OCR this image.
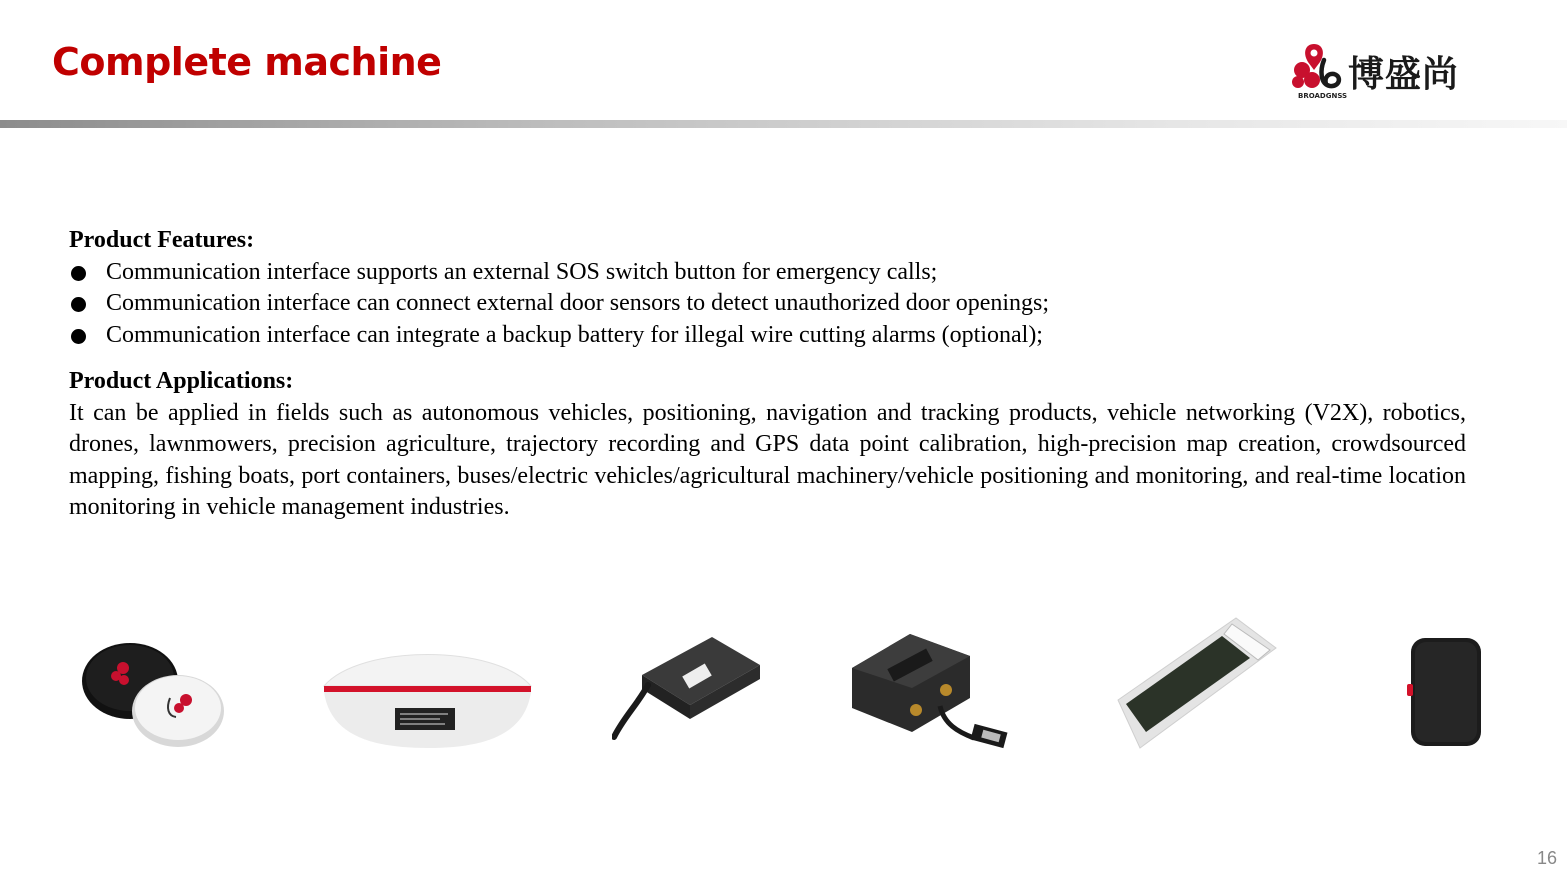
Complete machine	博盛尚
BROADGNSS

Product Features:

Communication interface supports an external SOS switch button for emergency calls;
Communication interface can connect external door sensors to detect unauthorized door openings;
Communication interface can integrate a backup battery for illegal wire cutting alarms (optional);

Product Applications:

It can be applied in fields such as autonomous vehicles, positioning, navigation and tracking products, vehicle networking (V2X), robotics, drones, lawnmowers, precision agriculture, trajectory recording and GPS data point calibration, high-precision map creation, crowdsourced mapping, fishing boats, port containers, buses/electric vehicles/agricultural machinery/vehicle positioning and monitoring, and real-time location monitoring in vehicle management industries.

16
